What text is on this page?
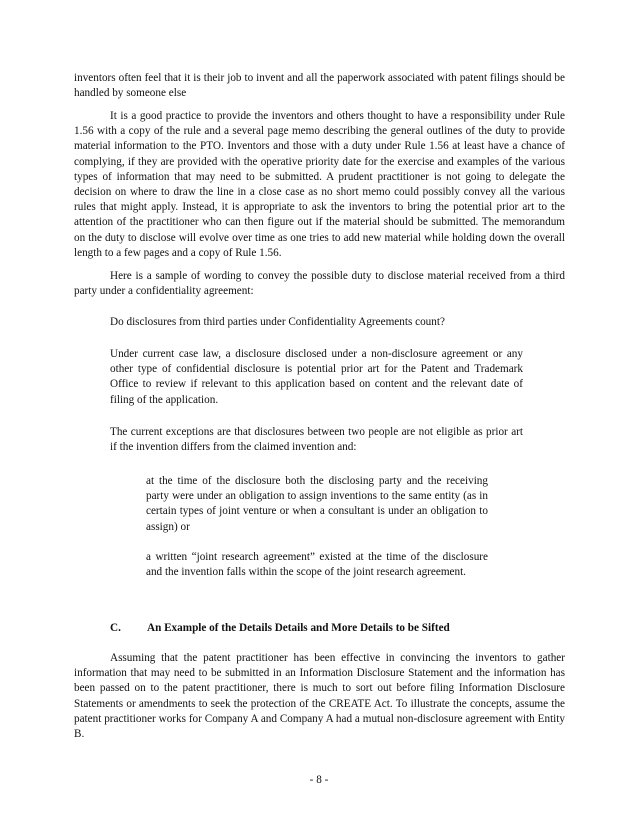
inventors often feel that it is their job to invent and all the paperwork associated with patent filings should be handled by someone else

It is a good practice to provide the inventors and others thought to have a responsibility under Rule 1.56 with a copy of the rule and a several page memo describing the general outlines of the duty to provide material information to the PTO. Inventors and those with a duty under Rule 1.56 at least have a chance of complying, if they are provided with the operative priority date for the exercise and examples of the various types of information that may need to be submitted. A prudent practitioner is not going to delegate the decision on where to draw the line in a close case as no short memo could possibly convey all the various rules that might apply. Instead, it is appropriate to ask the inventors to bring the potential prior art to the attention of the practitioner who can then figure out if the material should be submitted. The memorandum on the duty to disclose will evolve over time as one tries to add new material while holding down the overall length to a few pages and a copy of Rule 1.56.

Here is a sample of wording to convey the possible duty to disclose material received from a third party under a confidentiality agreement:

Do disclosures from third parties under Confidentiality Agreements count?

Under current case law, a disclosure disclosed under a non-disclosure agreement or any other type of confidential disclosure is potential prior art for the Patent and Trademark Office to review if relevant to this application based on content and the relevant date of filing of the application.

The current exceptions are that disclosures between two people are not eligible as prior art if the invention differs from the claimed invention and:

at the time of the disclosure both the disclosing party and the receiving party were under an obligation to assign inventions to the same entity (as in certain types of joint venture or when a consultant is under an obligation to assign) or

a written “joint research agreement” existed at the time of the disclosure and the invention falls within the scope of the joint research agreement.

C. An Example of the Details Details and More Details to be Sifted

Assuming that the patent practitioner has been effective in convincing the inventors to gather information that may need to be submitted in an Information Disclosure Statement and the information has been passed on to the patent practitioner, there is much to sort out before filing Information Disclosure Statements or amendments to seek the protection of the CREATE Act. To illustrate the concepts, assume the patent practitioner works for Company A and Company A had a mutual non-disclosure agreement with Entity B.

- 8 -
